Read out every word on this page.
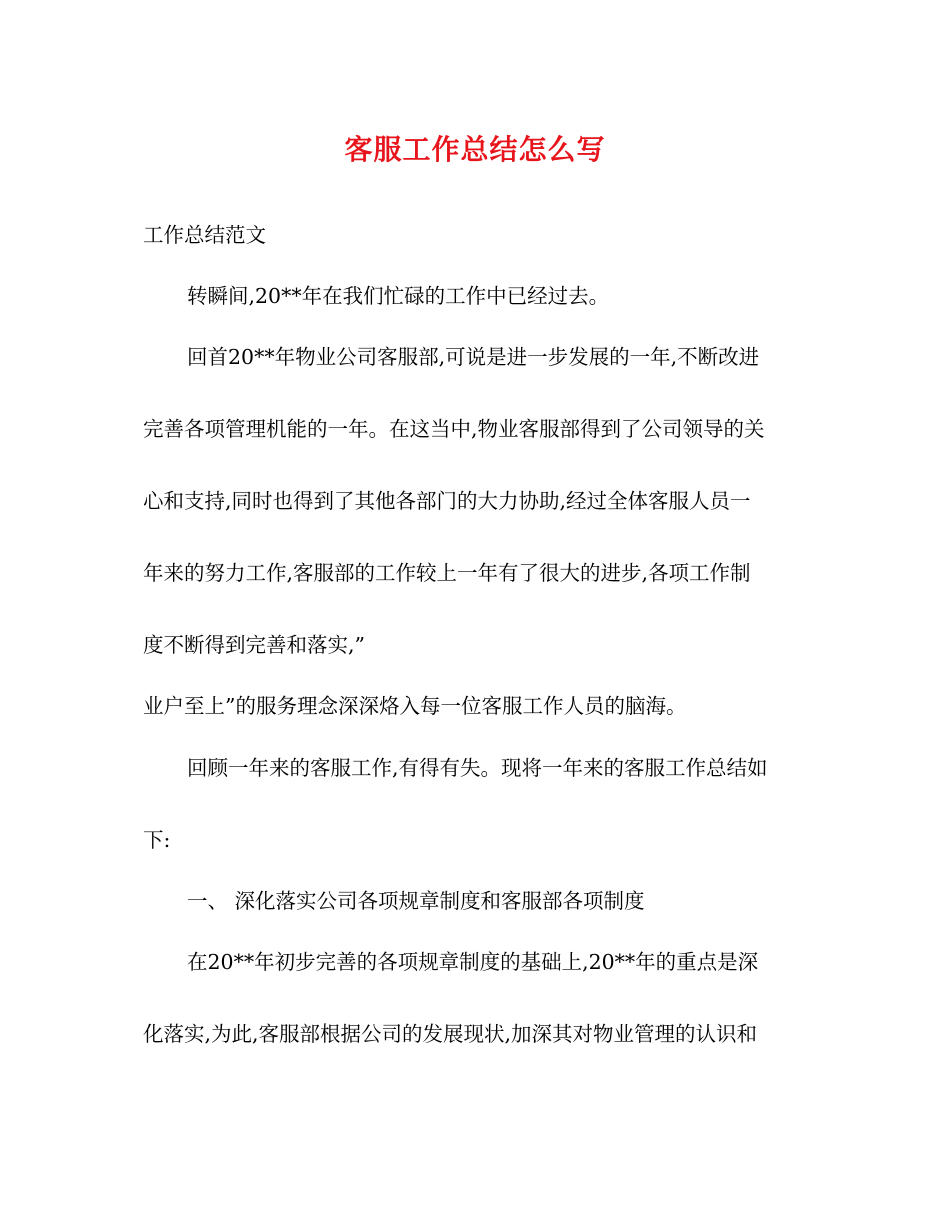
客服工作总结怎么写
工作总结范文
转瞬间,20**年在我们忙碌的工作中已经过去。
回首20**年物业公司客服部,可说是进一步发展的一年,不断改进
完善各项管理机能的一年。在这当中,物业客服部得到了公司领导的关
心和支持,同时也得到了其他各部门的大力协助,经过全体客服人员一
年来的努力工作,客服部的工作较上一年有了很大的进步,各项工作制
度不断得到完善和落实,”
业户至上”的服务理念深深烙入每一位客服工作人员的脑海。
回顾一年来的客服工作,有得有失。现将一年来的客服工作总结如
下:
一、 深化落实公司各项规章制度和客服部各项制度
在20**年初步完善的各项规章制度的基础上,20**年的重点是深
化落实,为此,客服部根据公司的发展现状,加深其对物业管理的认识和
